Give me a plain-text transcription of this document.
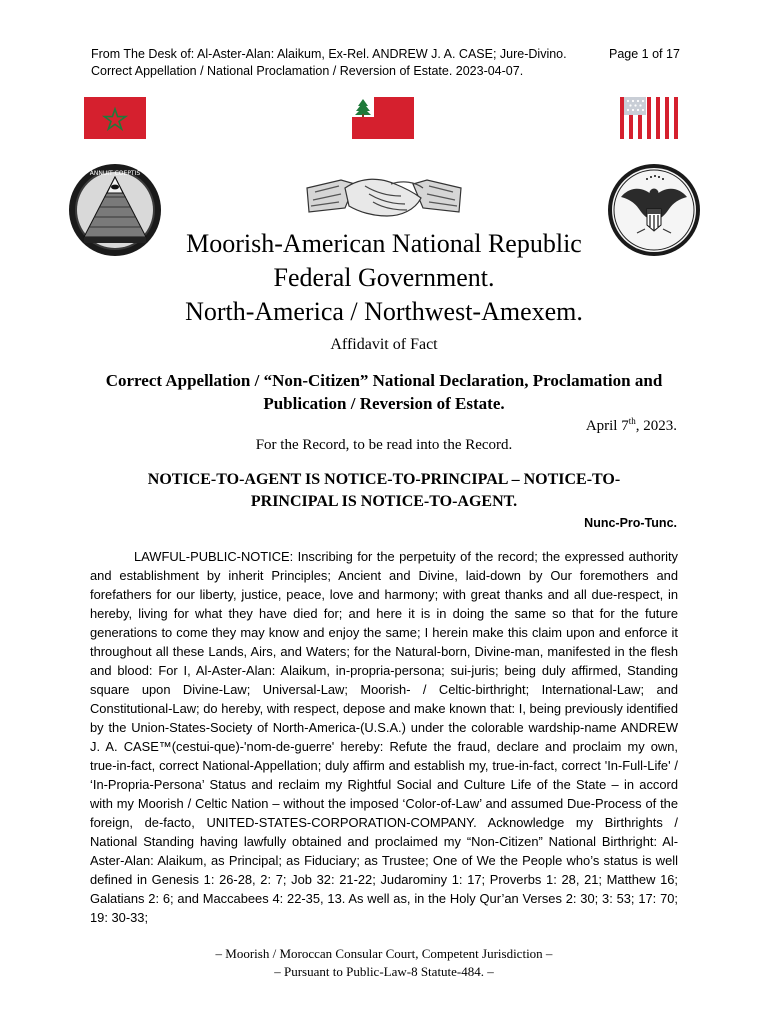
From The Desk of: Al-Aster-Alan: Alaikum, Ex-Rel. ANDREW J. A. CASE; Jure-Divino.
Correct Appellation / National Proclamation / Reversion of Estate. 2023-04-07.
Page 1 of 17
ANNUIT COEPTIS
Moorish-American National Republic
Federal Government.
North-America / Northwest-Amexem.
Affidavit of Fact
Correct Appellation / “Non-Citizen” National Declaration, Proclamation and
Publication / Reversion of Estate.
April 7th, 2023.
For the Record, to be read into the Record.
NOTICE-TO-AGENT IS NOTICE-TO-PRINCIPAL – NOTICE-TO-
PRINCIPAL IS NOTICE-TO-AGENT.
Nunc-Pro-Tunc.
LAWFUL-PUBLIC-NOTICE: Inscribing for the perpetuity of the record; the expressed authority and establishment by inherit Principles; Ancient and Divine, laid-down by Our foremothers and forefathers for our liberty, justice, peace, love and harmony; with great thanks and all due-respect, in hereby, living for what they have died for; and here it is in doing the same so that for the future generations to come they may know and enjoy the same; I herein make this claim upon and enforce it throughout all these Lands, Airs, and Waters; for the Natural-born, Divine-man, manifested in the flesh and blood: For I, Al-Aster-Alan: Alaikum, in-propria-persona; sui-juris; being duly affirmed, Standing square upon Divine-Law; Universal-Law; Moorish- / Celtic-birthright; International-Law; and Constitutional-Law; do hereby, with respect, depose and make known that: I, being previously identified by the Union-States-Society of North-America-(U.S.A.) under the colorable wardship-name ANDREW J. A. CASE™(cestui-que)-'nom-de-guerre' hereby: Refute the fraud, declare and proclaim my own, true-in-fact, correct National-Appellation; duly affirm and establish my, true-in-fact, correct 'In-Full-Life' / ‘In-Propria-Persona’ Status and reclaim my Rightful Social and Culture Life of the State – in accord with my Moorish / Celtic Nation – without the imposed ‘Color-of-Law’ and assumed Due-Process of the foreign, de-facto, UNITED-STATES-CORPORATION-COMPANY. Acknowledge my Birthrights / National Standing having lawfully obtained and proclaimed my “Non-Citizen” National Birthright: Al-Aster-Alan: Alaikum, as Principal; as Fiduciary; as Trustee; One of We the People who’s status is well defined in Genesis 1: 26-28, 2: 7; Job 32: 21-22; Judarominy 1: 17; Proverbs 1: 28, 21; Matthew 16; Galatians 2: 6; and Maccabees 4: 22-35, 13. As well as, in the Holy Qur’an Verses 2: 30; 3: 53; 17: 70; 19: 30-33;
– Moorish / Moroccan Consular Court, Competent Jurisdiction –
– Pursuant to Public-Law-8 Statute-484. –
